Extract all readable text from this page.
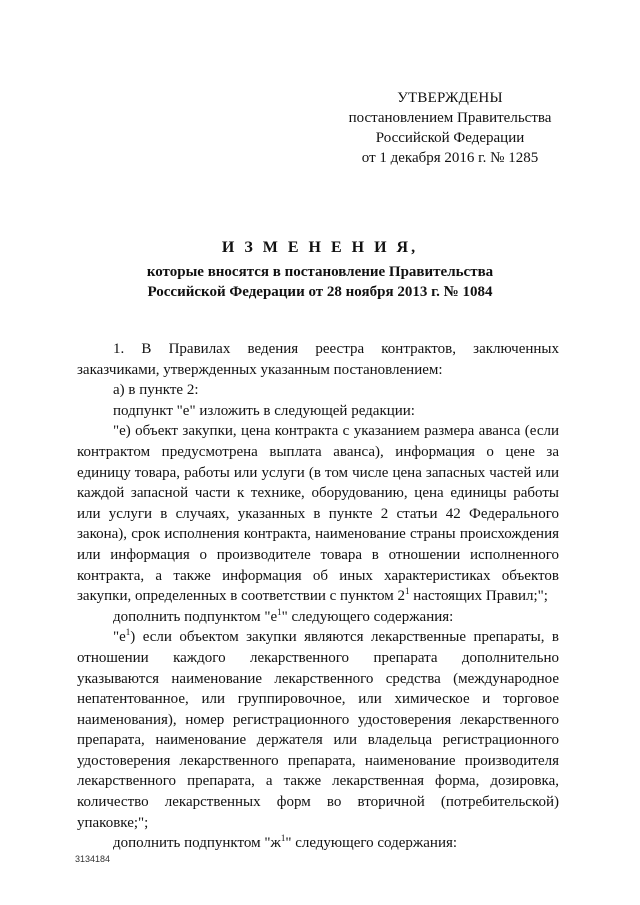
УТВЕРЖДЕНЫ
постановлением Правительства
Российской Федерации
от 1 декабря 2016 г. № 1285
И З М Е Н Е Н И Я,
которые вносятся в постановление Правительства
Российской Федерации от 28 ноября 2013 г. № 1084

1. В Правилах ведения реестра контрактов, заключенных заказчиками, утвержденных указанным постановлением:

а) в пункте 2:

подпункт "е" изложить в следующей редакции:

"е) объект закупки, цена контракта с указанием размера аванса (если контрактом предусмотрена выплата аванса), информация о цене за единицу товара, работы или услуги (в том числе цена запасных частей или каждой запасной части к технике, оборудованию, цена единицы работы или услуги в случаях, указанных в пункте 2 статьи 42 Федерального закона), срок исполнения контракта, наименование страны происхождения или информация о производителе товара в отношении исполненного контракта, а также информация об иных характеристиках объектов закупки, определенных в соответствии с пунктом $2^1$ настоящих Правил;";

дополнить подпунктом "$е^1$" следующего содержания:

"$е^1$) если объектом закупки являются лекарственные препараты, в отношении каждого лекарственного препарата дополнительно указываются наименование лекарственного средства (международное непатентованное, или группировочное, или химическое и торговое наименования), номер регистрационного удостоверения лекарственного препарата, наименование держателя или владельца регистрационного удостоверения лекарственного препарата, наименование производителя лекарственного препарата, а также лекарственная форма, дозировка, количество лекарственных форм во вторичной (потребительской) упаковке;";

дополнить подпунктом "$ж^1$" следующего содержания:

3134184
